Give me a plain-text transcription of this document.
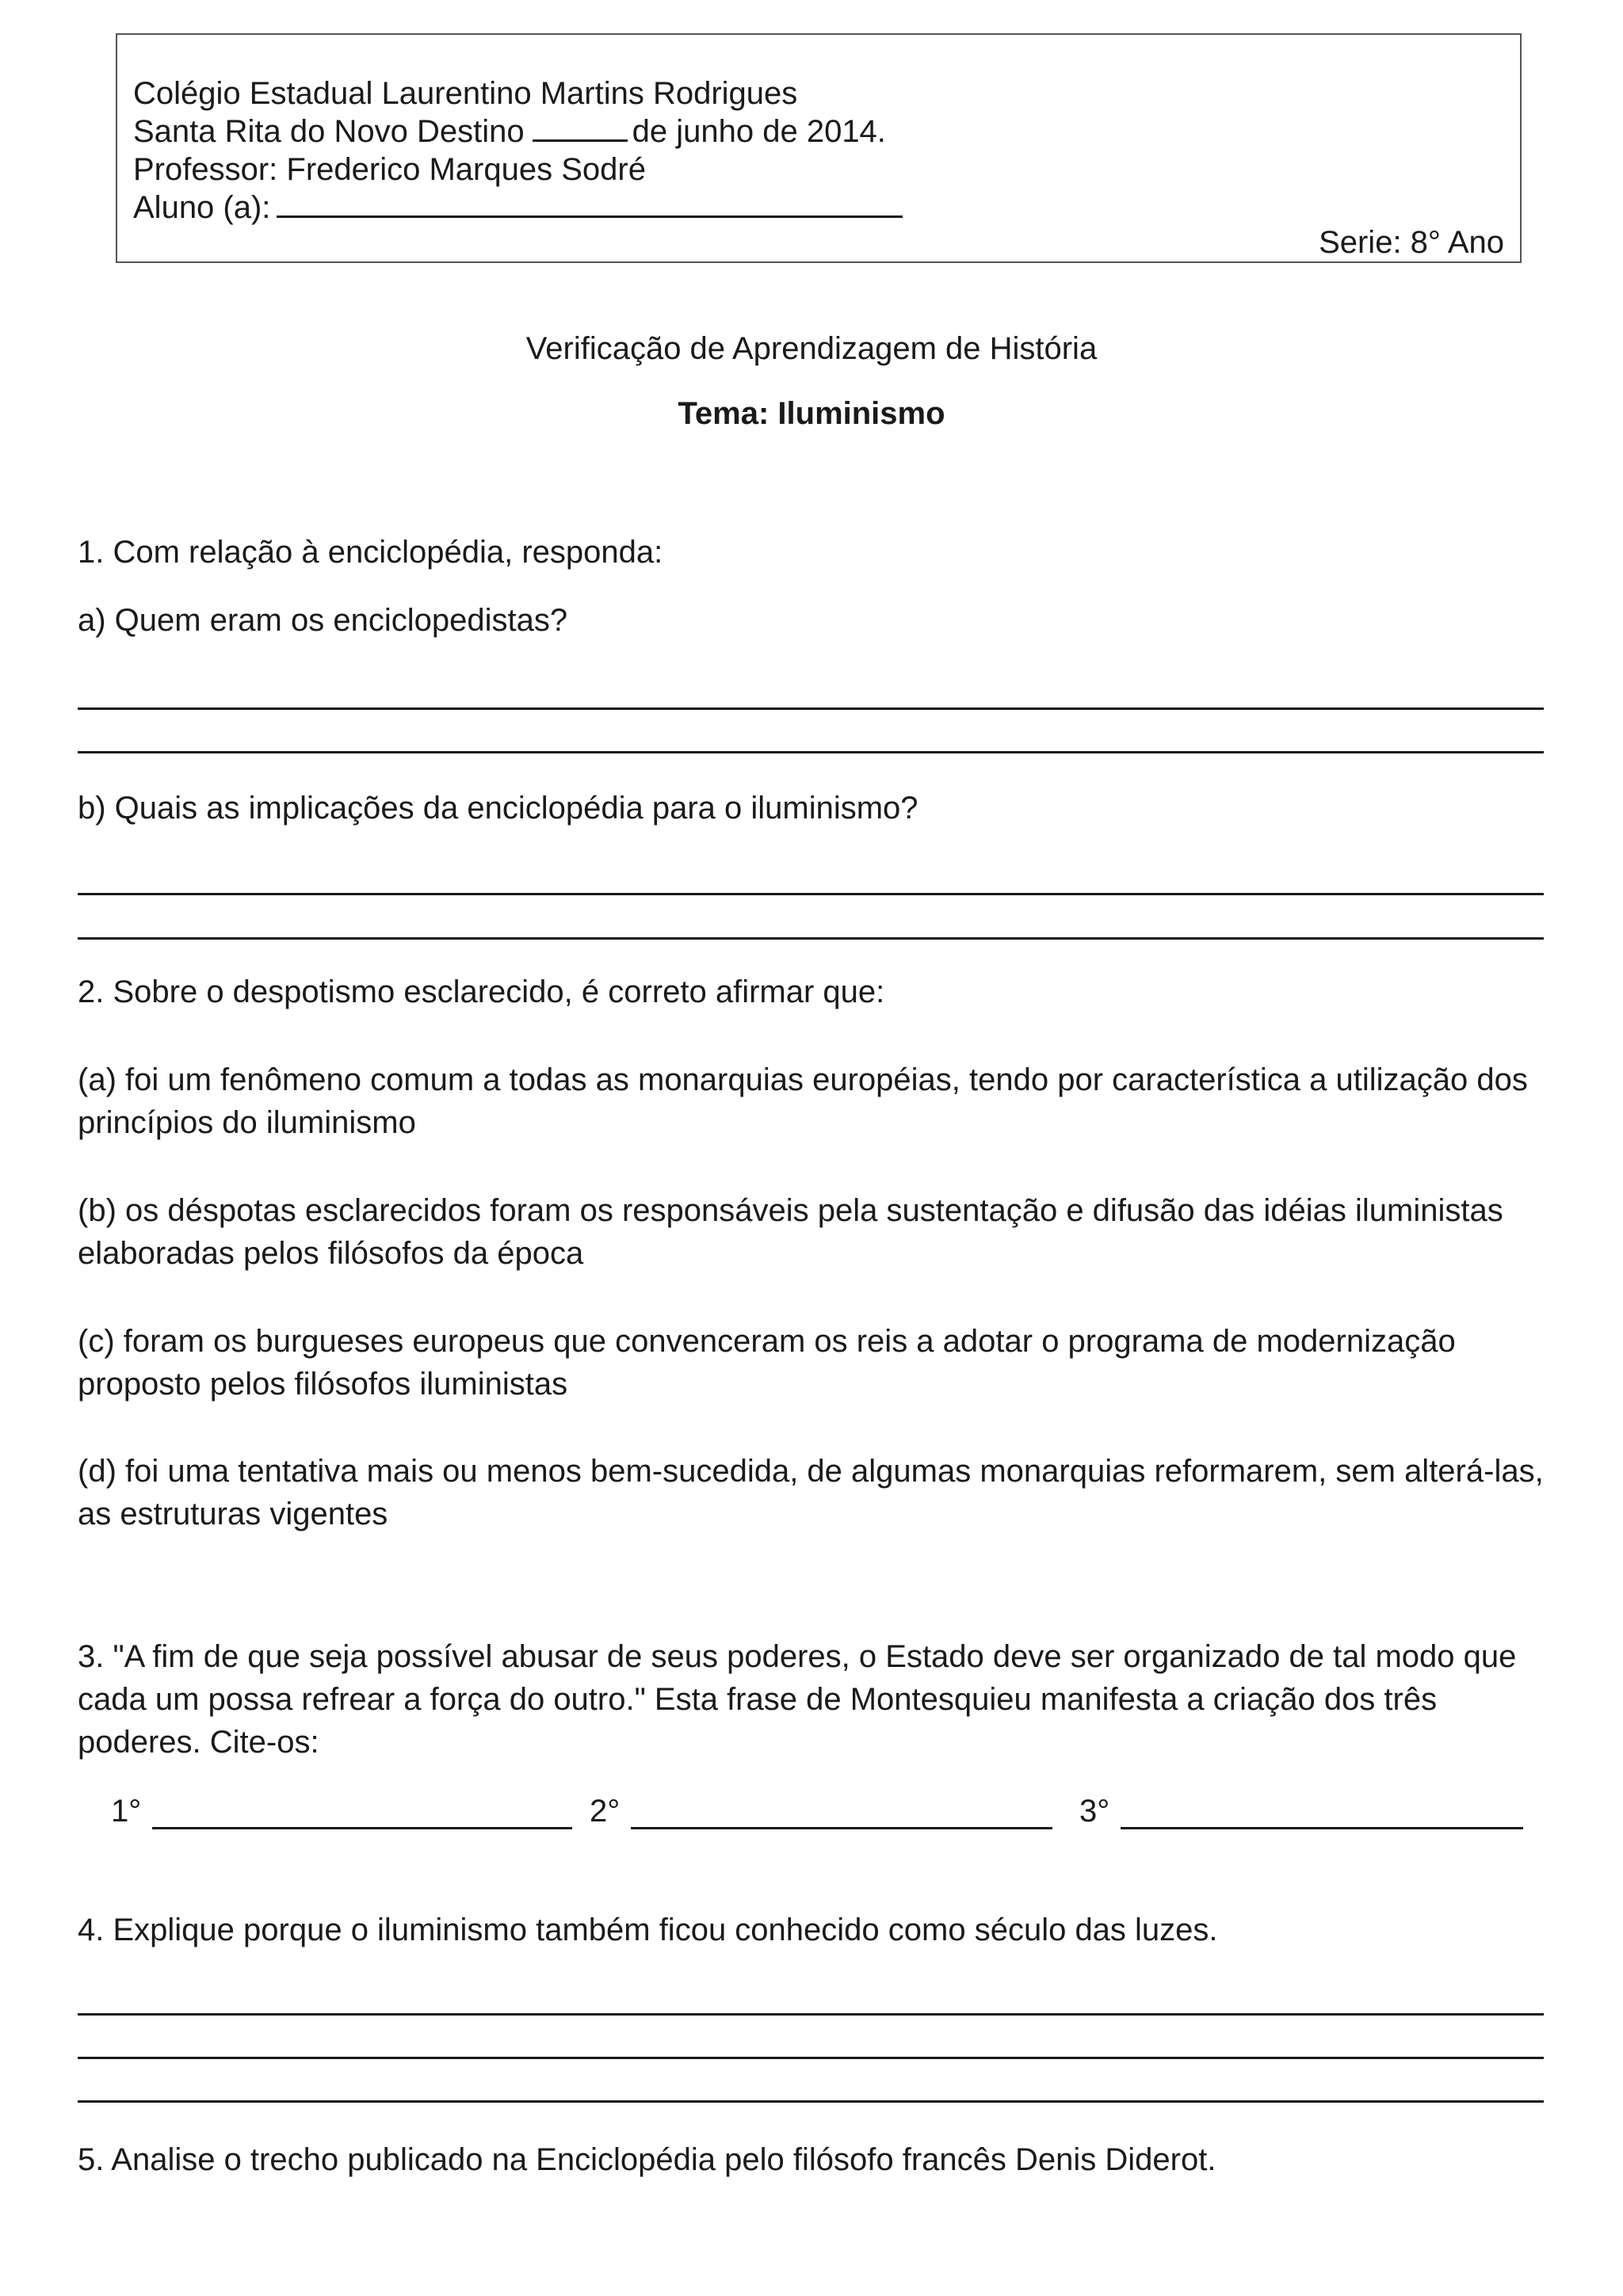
Colégio Estadual Laurentino Martins Rodrigues
Santa Rita do Novo Destino	de junho de 2014.
Professor: Frederico Marques Sodré
Aluno (a):
Serie: 8° Ano
Verificação de Aprendizagem de História
Tema: Iluminismo
1. Com relação à enciclopédia, responda:
a) Quem eram os enciclopedistas?
b) Quais as implicações da enciclopédia para o iluminismo?
2. Sobre o despotismo esclarecido, é correto afirmar que:
(a) foi um fenômeno comum a todas as monarquias européias, tendo por característica a utilização dos princípios do iluminismo
(b) os déspotas esclarecidos foram os responsáveis pela sustentação e difusão das idéias iluministas elaboradas pelos filósofos da época
(c) foram os burgueses europeus que convenceram os reis a adotar o programa de modernização proposto pelos filósofos iluministas
(d) foi uma tentativa mais ou menos bem-sucedida, de algumas monarquias reformarem, sem alterá-las, as estruturas vigentes
3. "A fim de que seja possível abusar de seus poderes, o Estado deve ser organizado de tal modo que cada um possa refrear a força do outro." Esta frase de Montesquieu manifesta a criação dos três poderes. Cite-os:
1°	2°	3°
4. Explique porque o iluminismo também ficou conhecido como século das luzes.
5. Analise o trecho publicado na Enciclopédia pelo filósofo francês Denis Diderot.
